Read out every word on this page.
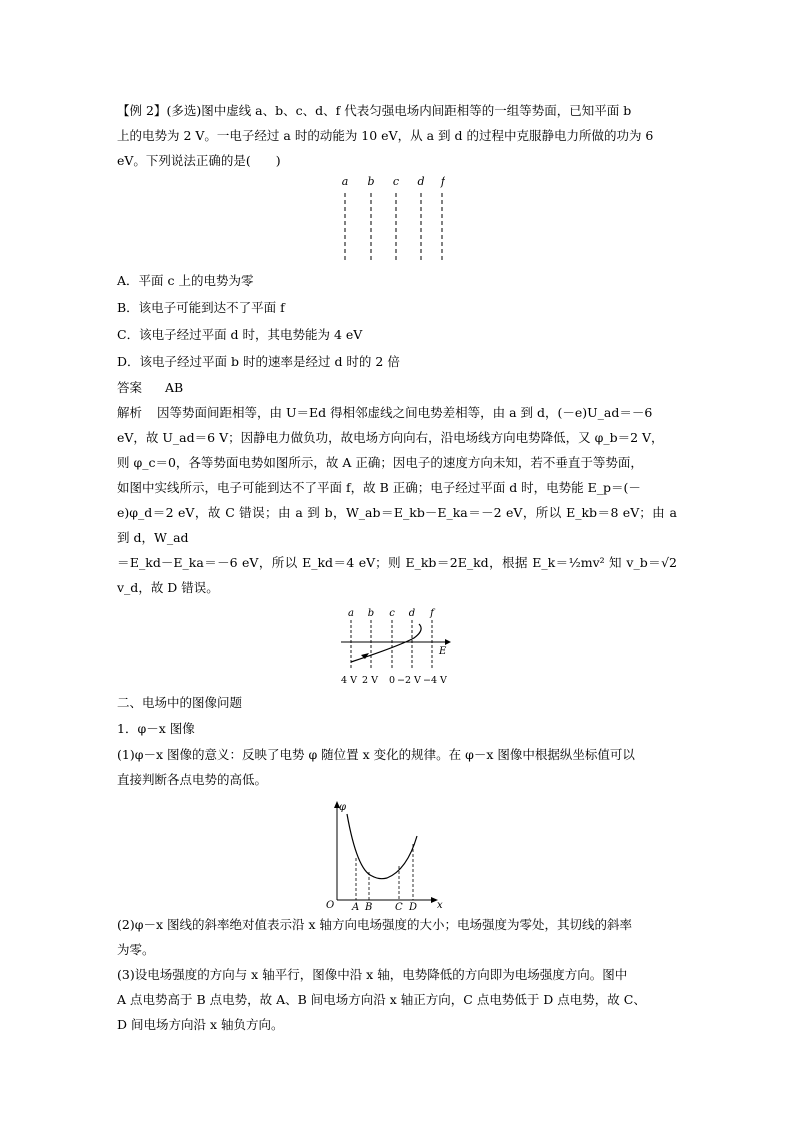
【例 2】(多选)图中虚线 a、b、c、d、f 代表匀强电场内间距相等的一组等势面，已知平面 b
上的电势为 2 V。一电子经过 a 时的动能为 10 eV，从 a 到 d 的过程中克服静电力所做的功为 6
eV。下列说法正确的是(　　)

a b c d f

A．平面 c 上的电势为零

B．该电子可能到达不了平面 f

C．该电子经过平面 d 时，其电势能为 4 eV

D．该电子经过平面 b 时的速率是经过 d 时的 2 倍

答案 AB

解析 因等势面间距相等，由 U＝Ed 得相邻虚线之间电势差相等，由 a 到 d，(－e)U_ad＝－6
eV，故 U_ad＝6 V；因静电力做负功，故电场方向向右，沿电场线方向电势降低，又 φ_b＝2 V，
则 φ_c＝0，各等势面电势如图所示，故 A 正确；因电子的速度方向未知，若不垂直于等势面，
如图中实线所示，电子可能到达不了平面 f，故 B 正确；电子经过平面 d 时，电势能 E_p＝(－
e)φ_d＝2 eV，故 C 错误；由 a 到 b，W_ab＝E_kb－E_ka＝－2 eV，所以 E_kb＝8 eV；由 a 到 d，W_ad
＝E_kd－E_ka＝－6 eV，所以 E_kd＝4 eV；则 E_kb＝2E_kd，根据 E_k＝½mv² 知 v_b＝√2 v_d，故 D 错误。

a b c d f
E
4 V 2 V 0 −2 V −4 V

二、电场中的图像问题

1．φ－x 图像

(1)φ－x 图像的意义：反映了电势 φ 随位置 x 变化的规律。在 φ－x 图像中根据纵坐标值可以
直接判断各点电势的高低。

φ
O	x
A B C D

(2)φ－x 图线的斜率绝对值表示沿 x 轴方向电场强度的大小；电场强度为零处，其切线的斜率
为零。

(3)设电场强度的方向与 x 轴平行，图像中沿 x 轴，电势降低的方向即为电场强度方向。图中
A 点电势高于 B 点电势，故 A、B 间电场方向沿 x 轴正方向，C 点电势低于 D 点电势，故 C、
D 间电场方向沿 x 轴负方向。
